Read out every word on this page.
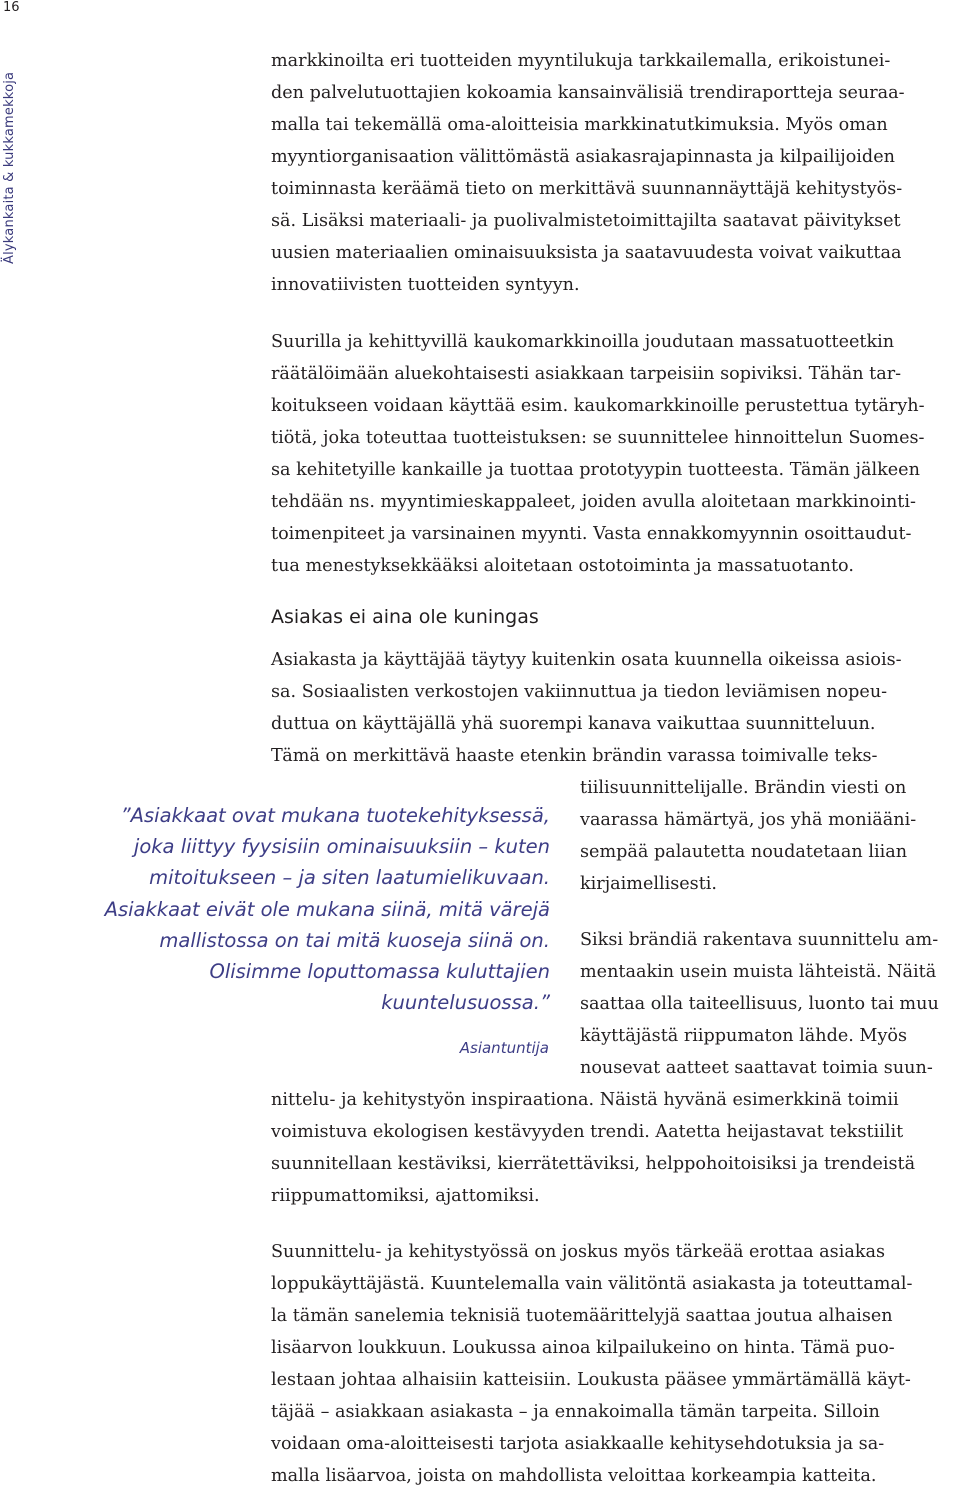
16
Älykankaita & kukkamekkoja

markkinoilta eri tuotteiden myyntilukuja tarkkailemalla, erikoistunei-

den palvelutuottajien kokoamia kansainvälisiä trendiraportteja seuraa-

malla tai tekemällä oma-aloitteisia markkinatutkimuksia. Myös oman

myyntiorganisaation välittömästä asiakasrajapinnasta ja kilpailijoiden

toiminnasta keräämä tieto on merkittävä suunnannäyttäjä kehitystyös-

sä. Lisäksi materiaali- ja puolivalmistetoimittajilta saatavat päivitykset

uusien materiaalien ominaisuuksista ja saatavuudesta voivat vaikuttaa

innovatiivisten tuotteiden syntyyn.

Suurilla ja kehittyvillä kaukomarkkinoilla joudutaan massatuotteetkin

räätälöimään aluekohtaisesti asiakkaan tarpeisiin sopiviksi. Tähän tar-

koitukseen voidaan käyttää esim. kaukomarkkinoille perustettua tytäryh-

tiötä, joka toteuttaa tuotteistuksen: se suunnittelee hinnoittelun Suomes-

sa kehitetyille kankaille ja tuottaa prototyypin tuotteesta. Tämän jälkeen

tehdään ns. myyntimieskappaleet, joiden avulla aloitetaan markkinointi-

toimenpiteet ja varsinainen myynti. Vasta ennakkomyynnin osoittaudut-

tua menestyksekkääksi aloitetaan ostotoiminta ja massatuotanto.

Asiakas ei aina ole kuningas

Asiakasta ja käyttäjää täytyy kuitenkin osata kuunnella oikeissa asiois-

sa. Sosiaalisten verkostojen vakiinnuttua ja tiedon leviämisen nopeu-

duttua on käyttäjällä yhä suorempi kanava vaikuttaa suunnitteluun.

Tämä on merkittävä haaste etenkin brändin varassa toimivalle teks-

tiilisuunnittelijalle. Brändin viesti on

vaarassa hämärtyä, jos yhä moniääni-

sempää palautetta noudatetaan liian

kirjaimellisesti.

Siksi brändiä rakentava suunnittelu am-

mentaakin usein muista lähteistä. Näitä

saattaa olla taiteellisuus, luonto tai muu

käyttäjästä riippumaton lähde. Myös

nousevat aatteet saattavat toimia suun-

nittelu- ja kehitystyön inspiraationa. Näistä hyvänä esimerkkinä toimii

voimistuva ekologisen kestävyyden trendi. Aatetta heijastavat tekstiilit

suunnitellaan kestäviksi, kierrätettäviksi, helppohoitoisiksi ja trendeistä

riippumattomiksi, ajattomiksi.

Suunnittelu- ja kehitystyössä on joskus myös tärkeää erottaa asiakas

loppukäyttäjästä. Kuuntelemalla vain välitöntä asiakasta ja toteuttamal-

la tämän sanelemia teknisiä tuotemäärittelyjä saattaa joutua alhaisen

lisäarvon loukkuun. Loukussa ainoa kilpailukeino on hinta. Tämä puo-

lestaan johtaa alhaisiin katteisiin. Loukusta pääsee ymmärtämällä käyt-

täjää – asiakkaan asiakasta – ja ennakoimalla tämän tarpeita. Silloin

voidaan oma-aloitteisesti tarjota asiakkaalle kehitysehdotuksia ja sa-

malla lisäarvoa, joista on mahdollista veloittaa korkeampia katteita.

”Asiakkaat ovat mukana tuotekehityksessä,
joka liittyy fyysisiin ominaisuuksiin – kuten
mitoitukseen – ja siten laatumielikuvaan.
Asiakkaat eivät ole mukana siinä, mitä värejä
mallistossa on tai mitä kuoseja siinä on.
Olisimme loputtomassa kuluttajien
kuuntelusuossa.”
Asiantuntija
